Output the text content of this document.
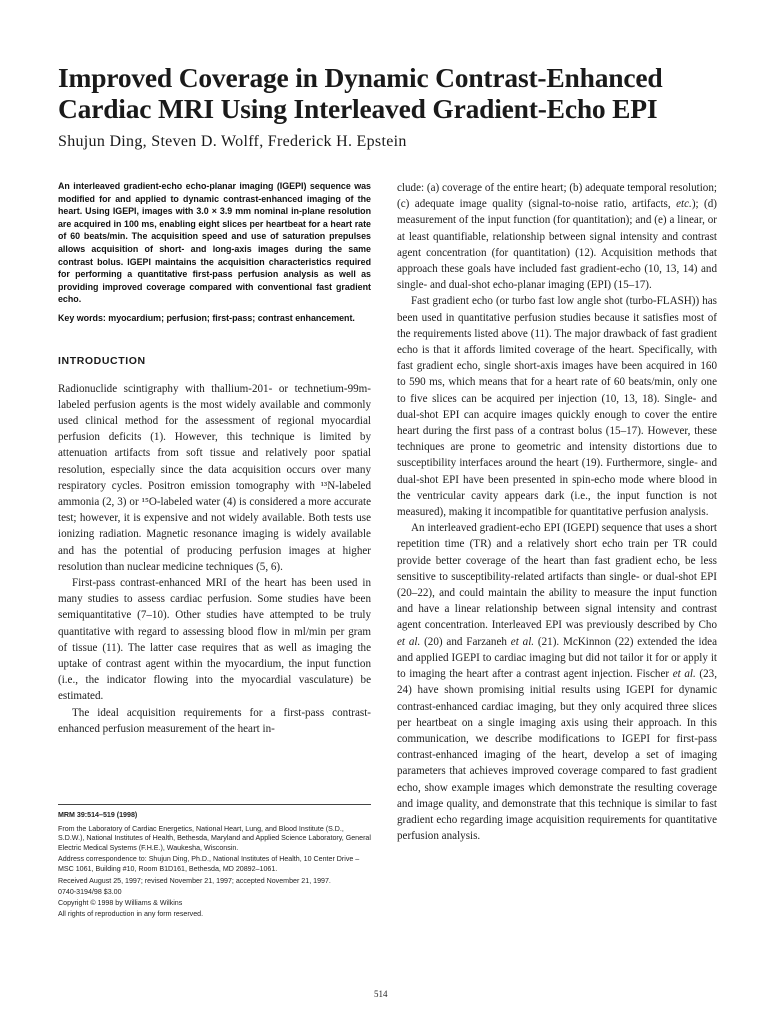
Improved Coverage in Dynamic Contrast-Enhanced
Cardiac MRI Using Interleaved Gradient-Echo EPI
Shujun Ding, Steven D. Wolff, Frederick H. Epstein

An interleaved gradient-echo echo-planar imaging (IGEPI) sequence was modified for and applied to dynamic contrast-enhanced imaging of the heart. Using IGEPI, images with 3.0 × 3.9 mm nominal in-plane resolution are acquired in 100 ms, enabling eight slices per heartbeat for a heart rate of 60 beats/min. The acquisition speed and use of saturation prepulses allows acquisition of short- and long-axis images during the same contrast bolus. IGEPI maintains the acquisition characteristics required for performing a quantitative first-pass perfusion analysis as well as providing improved coverage compared with conventional fast gradient echo.

Key words: myocardium; perfusion; first-pass; contrast enhancement.

INTRODUCTION

Radionuclide scintigraphy with thallium-201- or technetium-99m-labeled perfusion agents is the most widely available and commonly used clinical method for the assessment of regional myocardial perfusion deficits (1). However, this technique is limited by attenuation artifacts from soft tissue and relatively poor spatial resolution, especially since the data acquisition occurs over many respiratory cycles. Positron emission tomography with ¹³N-labeled ammonia (2, 3) or ¹⁵O-labeled water (4) is considered a more accurate test; however, it is expensive and not widely available. Both tests use ionizing radiation. Magnetic resonance imaging is widely available and has the potential of producing perfusion images at higher resolution than nuclear medicine techniques (5, 6).

First-pass contrast-enhanced MRI of the heart has been used in many studies to assess cardiac perfusion. Some studies have been semiquantitative (7–10). Other studies have attempted to be truly quantitative with regard to assessing blood flow in ml/min per gram of tissue (11). The latter case requires that as well as imaging the uptake of contrast agent within the myocardium, the input function (i.e., the indicator flowing into the myocardial vasculature) be estimated.

The ideal acquisition requirements for a first-pass contrast-enhanced perfusion measurement of the heart in-

clude: (a) coverage of the entire heart; (b) adequate temporal resolution; (c) adequate image quality (signal-to-noise ratio, artifacts, etc.); (d) measurement of the input function (for quantitation); and (e) a linear, or at least quantifiable, relationship between signal intensity and contrast agent concentration (for quantitation) (12). Acquisition methods that approach these goals have included fast gradient-echo (10, 13, 14) and single- and dual-shot echo-planar imaging (EPI) (15–17).

Fast gradient echo (or turbo fast low angle shot (turbo-FLASH)) has been used in quantitative perfusion studies because it satisfies most of the requirements listed above (11). The major drawback of fast gradient echo is that it affords limited coverage of the heart. Specifically, with fast gradient echo, single short-axis images have been acquired in 160 to 590 ms, which means that for a heart rate of 60 beats/min, only one to five slices can be acquired per injection (10, 13, 18). Single- and dual-shot EPI can acquire images quickly enough to cover the entire heart during the first pass of a contrast bolus (15–17). However, these techniques are prone to geometric and intensity distortions due to susceptibility interfaces around the heart (19). Furthermore, single- and dual-shot EPI have been presented in spin-echo mode where blood in the ventricular cavity appears dark (i.e., the input function is not measured), making it incompatible for quantitative perfusion analysis.

An interleaved gradient-echo EPI (IGEPI) sequence that uses a short repetition time (TR) and a relatively short echo train per TR could provide better coverage of the heart than fast gradient echo, be less sensitive to susceptibility-related artifacts than single- or dual-shot EPI (20–22), and could maintain the ability to measure the input function and have a linear relationship between signal intensity and contrast agent concentration. Interleaved EPI was previously described by Cho et al. (20) and Farzaneh et al. (21). McKinnon (22) extended the idea and applied IGEPI to cardiac imaging but did not tailor it for or apply it to imaging the heart after a contrast agent injection. Fischer et al. (23, 24) have shown promising initial results using IGEPI for dynamic contrast-enhanced cardiac imaging, but they only acquired three slices per heartbeat on a single imaging axis using their approach. In this communication, we describe modifications to IGEPI for first-pass contrast-enhanced imaging of the heart, develop a set of imaging parameters that achieves improved coverage compared to fast gradient echo, show example images which demonstrate the resulting coverage and image quality, and demonstrate that this technique is similar to fast gradient echo regarding image acquisition requirements for quantitative perfusion analysis.

MRM 39:514–519 (1998)

From the Laboratory of Cardiac Energetics, National Heart, Lung, and Blood Institute (S.D., S.D.W.), National Institutes of Health, Bethesda, Maryland and Applied Science Laboratory, General Electric Medical Systems (F.H.E.), Waukesha, Wisconsin.

Address correspondence to: Shujun Ding, Ph.D., National Institutes of Health, 10 Center Drive – MSC 1061, Building #10, Room B1D161, Bethesda, MD 20892–1061.

Received August 25, 1997; revised November 21, 1997; accepted November 21, 1997.

0740-3194/98 $3.00

Copyright © 1998 by Williams & Wilkins

All rights of reproduction in any form reserved.

514
